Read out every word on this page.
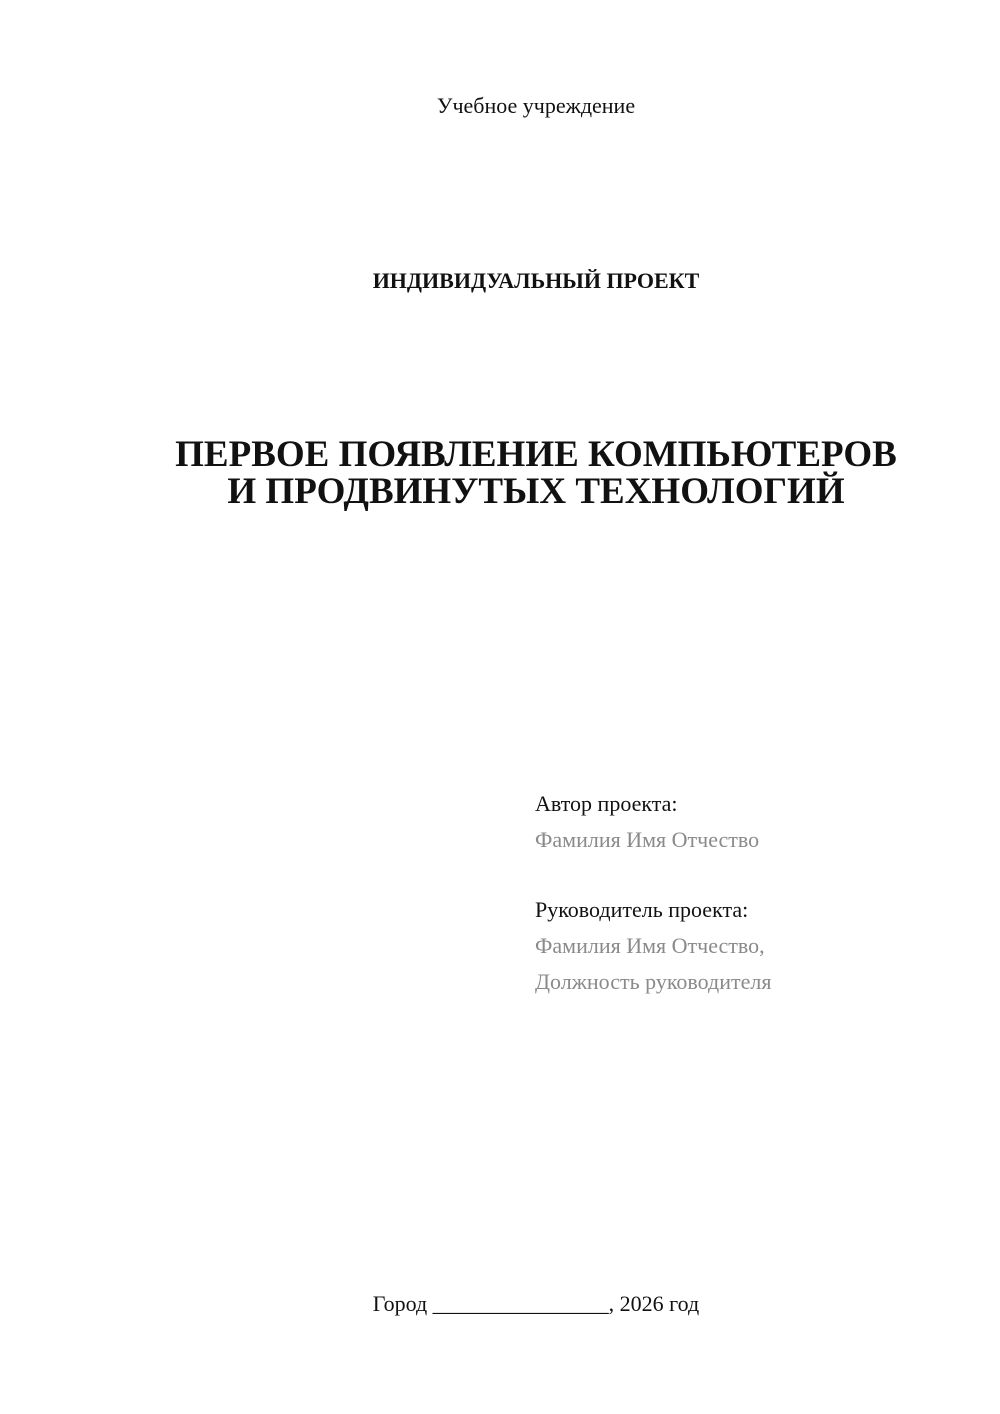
Учебное учреждение
ИНДИВИДУАЛЬНЫЙ ПРОЕКТ
ПЕРВОЕ ПОЯВЛЕНИЕ КОМПЬЮТЕРОВ
И ПРОДВИНУТЫХ ТЕХНОЛОГИЙ
Автор проекта:
Фамилия Имя Отчество
Руководитель проекта:
Фамилия Имя Отчество,
Должность руководителя
Город ________________, 2026 год
